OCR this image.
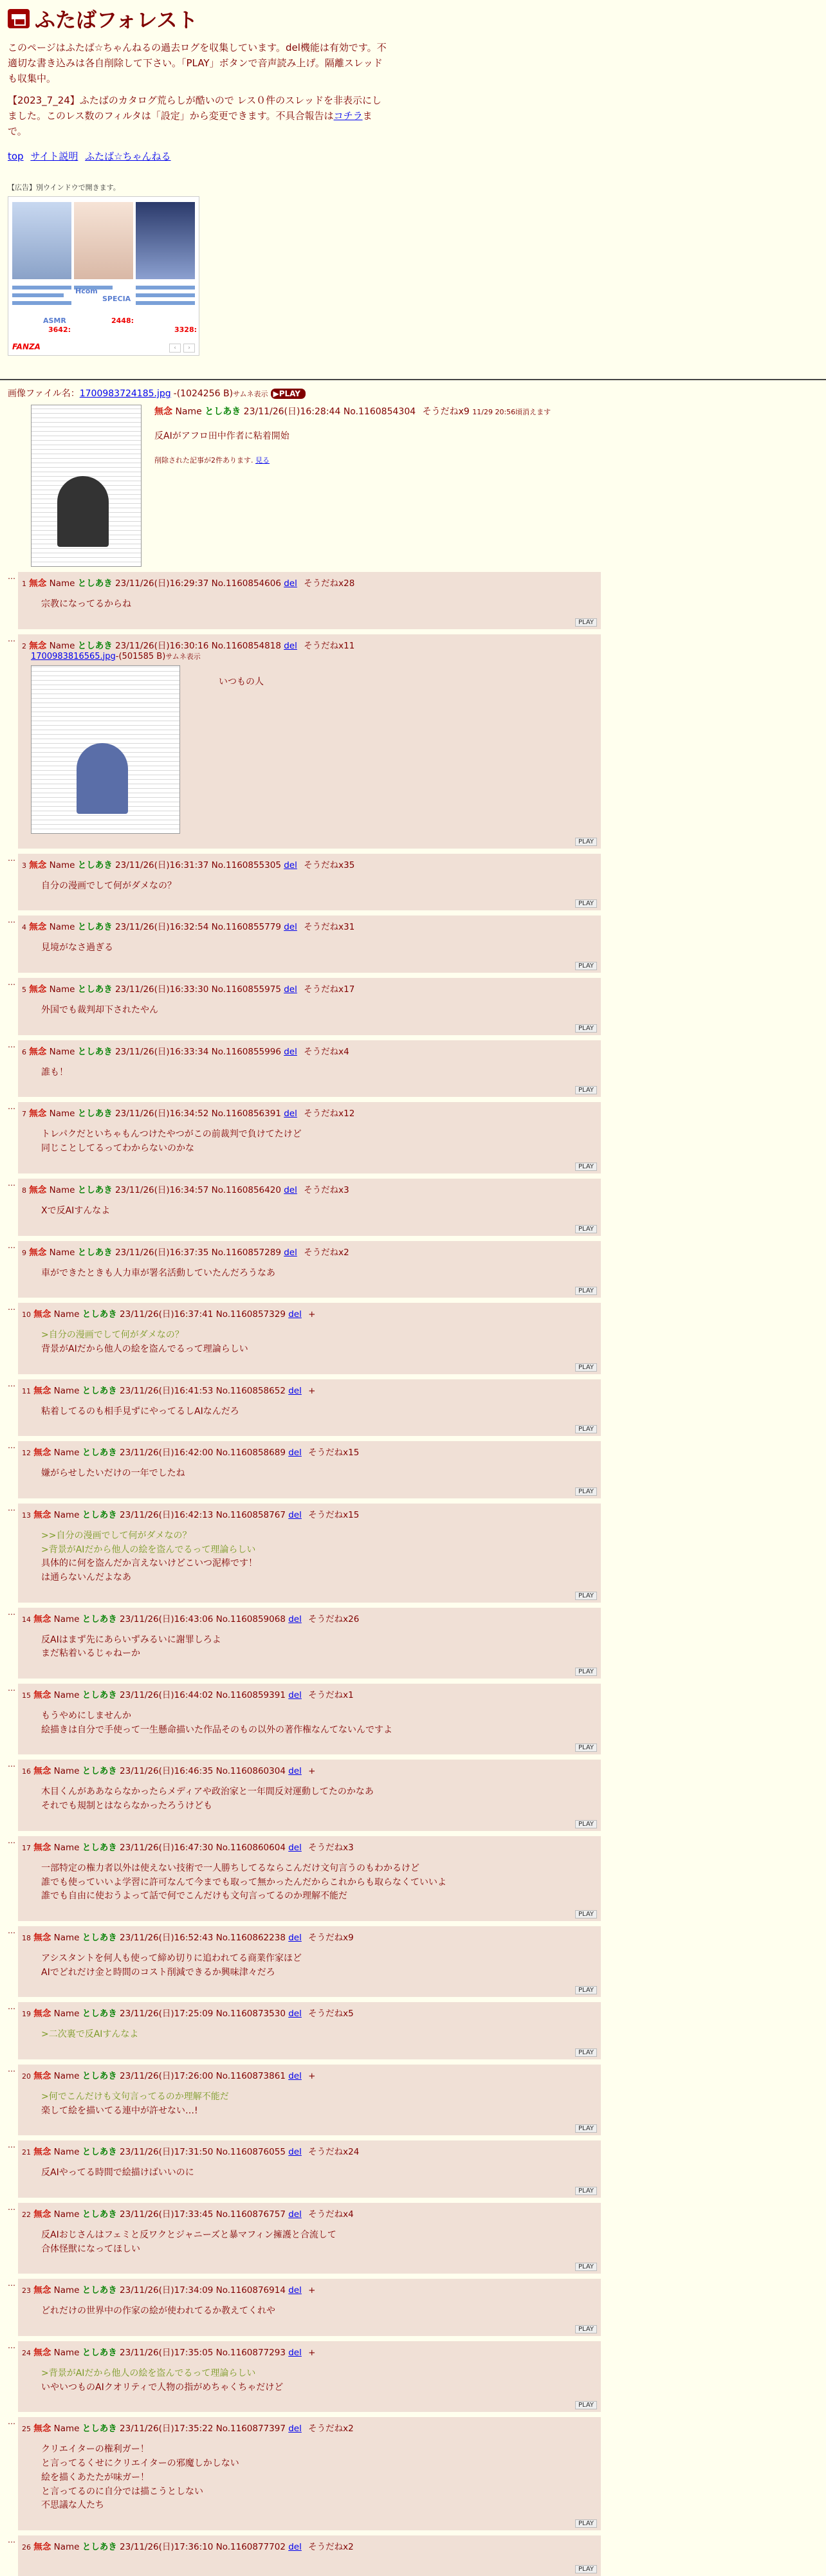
ふたばフォレスト

このページはふたば☆ちゃんねるの過去ログを収集しています。del機能は有効です。不適切な書き込みは各自削除して下さい。「PLAY」ボタンで音声読み上げ。隔離スレッドも収集中。

【2023_7_24】ふたばのカタログ荒らしが酷いので レス０件のスレッドを非表示にしました。このレス数のフィルタは「設定」から変更できます。不具合報告はコチラまで。

top サイト説明 ふたば☆ちゃんねる
【広告】別ウインドウで開きます。
Hcom
SPECIA
ASMR
3642:
2448:
3328:
FANZA	‹	›
画像ファイル名：1700983724185.jpg -(1024256 B)サムネ表示 ▶PLAY
無念 Name としあき 23/11/26(日)16:28:44 No.1160854304 そうだねx9 11/29 20:56頃消えます
反AIがアフロ田中作者に粘着開始
削除された記事が2件あります. 見る
…
1 無念 Name としあき 23/11/26(日)16:29:37 No.1160854606 del そうだねx28
宗教になってるからね
PLAY
…
2 無念 Name としあき 23/11/26(日)16:30:16 No.1160854818 del そうだねx11
1700983816565.jpg-(501585 B)サムネ表示
いつもの人
PLAY
…
3 無念 Name としあき 23/11/26(日)16:31:37 No.1160855305 del そうだねx35
自分の漫画でして何がダメなの？
PLAY
…
4 無念 Name としあき 23/11/26(日)16:32:54 No.1160855779 del そうだねx31
見境がなさ過ぎる
PLAY
…
5 無念 Name としあき 23/11/26(日)16:33:30 No.1160855975 del そうだねx17
外国でも裁判却下されたやん
PLAY
…
6 無念 Name としあき 23/11/26(日)16:33:34 No.1160855996 del そうだねx4
誰も！
PLAY
…
7 無念 Name としあき 23/11/26(日)16:34:52 No.1160856391 del そうだねx12
トレパクだといちゃもんつけたやつがこの前裁判で負けてたけど
同じことしてるってわからないのかな
PLAY
…
8 無念 Name としあき 23/11/26(日)16:34:57 No.1160856420 del そうだねx3
Xで反AIすんなよ
PLAY
…
9 無念 Name としあき 23/11/26(日)16:37:35 No.1160857289 del そうだねx2
車ができたときも人力車が署名活動していたんだろうなあ
PLAY
…
10 無念 Name としあき 23/11/26(日)16:37:41 No.1160857329 del +
>自分の漫画でして何がダメなの？
背景がAIだから他人の絵を盗んでるって理論らしい
PLAY
…
11 無念 Name としあき 23/11/26(日)16:41:53 No.1160858652 del +
粘着してるのも相手見ずにやってるしAIなんだろ
PLAY
…
12 無念 Name としあき 23/11/26(日)16:42:00 No.1160858689 del そうだねx15
嫌がらせしたいだけの一年でしたね
PLAY
…
13 無念 Name としあき 23/11/26(日)16:42:13 No.1160858767 del そうだねx15
>>自分の漫画でして何がダメなの？
>背景がAIだから他人の絵を盗んでるって理論らしい
具体的に何を盗んだか言えないけどこいつ泥棒です！
は通らないんだよなあ
PLAY
…
14 無念 Name としあき 23/11/26(日)16:43:06 No.1160859068 del そうだねx26
反AIはまず先にあらいずみるいに謝罪しろよ
まだ粘着いるじゃねーか
PLAY
…
15 無念 Name としあき 23/11/26(日)16:44:02 No.1160859391 del そうだねx1
もうやめにしませんか
絵描きは自分で手使って一生懸命描いた作品そのもの以外の著作権なんてないんですよ
PLAY
…
16 無念 Name としあき 23/11/26(日)16:46:35 No.1160860304 del +
木目くんがああならなかったらメディアや政治家と一年間反対運動してたのかなあ
それでも規制とはならなかったろうけども
PLAY
…
17 無念 Name としあき 23/11/26(日)16:47:30 No.1160860604 del そうだねx3
一部特定の権力者以外は使えない技術で一人勝ちしてるならこんだけ文句言うのもわかるけど
誰でも使っていいよ学習に許可なんて今までも取って無かったんだからこれからも取らなくていいよ
誰でも自由に使おうよって話で何でこんだけも文句言ってるのか理解不能だ
PLAY
…
18 無念 Name としあき 23/11/26(日)16:52:43 No.1160862238 del そうだねx9
アシスタントを何人も使って締め切りに追われてる商業作家ほど
AIでどれだけ金と時間のコスト削減できるか興味津々だろ
PLAY
…
19 無念 Name としあき 23/11/26(日)17:25:09 No.1160873530 del そうだねx5
>二次裏で反AIすんなよ
PLAY
…
20 無念 Name としあき 23/11/26(日)17:26:00 No.1160873861 del +
>何でこんだけも文句言ってるのか理解不能だ
楽して絵を描いてる連中が許せない…!
PLAY
…
21 無念 Name としあき 23/11/26(日)17:31:50 No.1160876055 del そうだねx24
反AIやってる時間で絵描けばいいのに
PLAY
…
22 無念 Name としあき 23/11/26(日)17:33:45 No.1160876757 del そうだねx4
反AIおじさんはフェミと反ワクとジャニーズと暴マフィン擁護と合流して
合体怪獣になってほしい
PLAY
…
23 無念 Name としあき 23/11/26(日)17:34:09 No.1160876914 del +
どれだけの世界中の作家の絵が使われてるか教えてくれや
PLAY
…
24 無念 Name としあき 23/11/26(日)17:35:05 No.1160877293 del +
>背景がAIだから他人の絵を盗んでるって理論らしい
いやいつものAIクオリティで人物の指がめちゃくちゃだけど
PLAY
…
25 無念 Name としあき 23/11/26(日)17:35:22 No.1160877397 del そうだねx2
クリエイターの権利ガー！
と言ってるくせにクリエイターの邪魔しかしない
絵を描くあたたが味ガー！
と言ってるのに自分では描こうとしない
不思議な人たち
PLAY
…
26 無念 Name としあき 23/11/26(日)17:36:10 No.1160877702 del そうだねx2
PLAY
